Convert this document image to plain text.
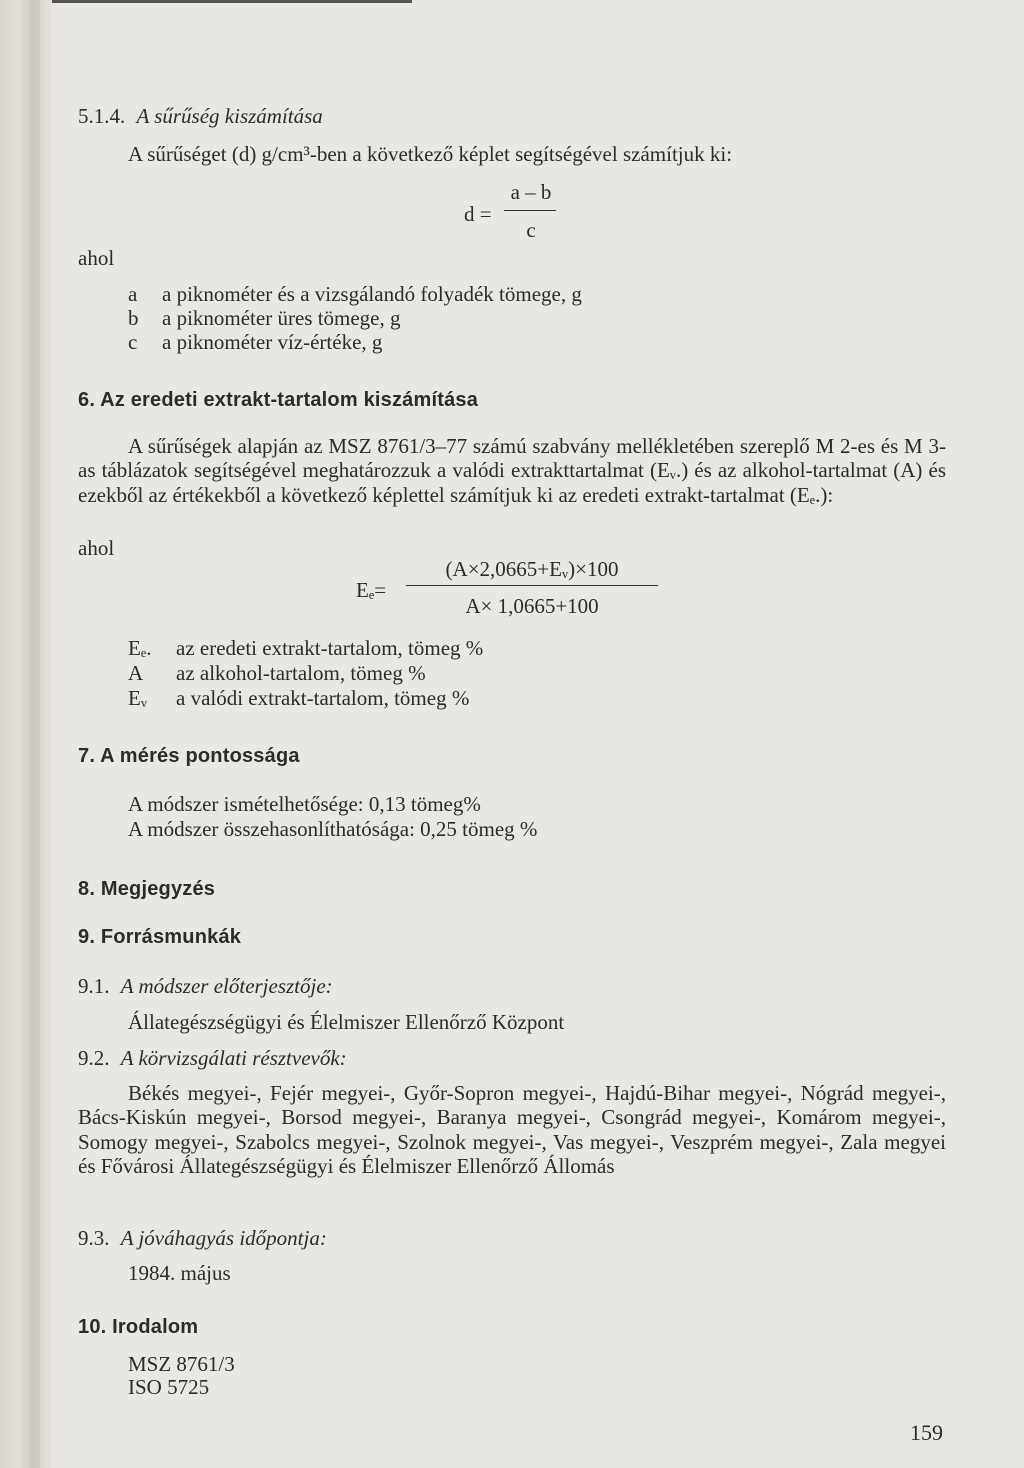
5.1.4. A sűrűség kiszámítása
A sűrűséget (d) g/cm³-ben a következő képlet segítségével számítjuk ki:
d =
a – b
c
ahol
a a piknométer és a vizsgálandó folyadék tömege, g
b a piknométer üres tömege, g
c a piknométer víz-értéke, g
6. Az eredeti extrakt-tartalom kiszámítása
A sűrűségek alapján az MSZ 8761/3–77 számú szabvány mellékletében szereplő M 2-es és M 3-as táblázatok segítségével meghatározzuk a valódi extrakttartalmat (Eᵥ.) és az alkohol-tartalmat (A) és ezekből az értékekből a következő képlettel számítjuk ki az eredeti extrakt-tartalmat (Eₑ.):
ahol
Eₑ=
(A×2,0665+Eᵥ)×100
A× 1,0665+100
Eₑ. az eredeti extrakt-tartalom, tömeg %
A az alkohol-tartalom, tömeg %
Eᵥ a valódi extrakt-tartalom, tömeg %
7. A mérés pontossága
A módszer ismételhetősége: 0,13 tömeg%
A módszer összehasonlíthatósága: 0,25 tömeg %
8. Megjegyzés
9. Forrásmunkák
9.1. A módszer előterjesztője:
Állategészségügyi és Élelmiszer Ellenőrző Központ
9.2. A körvizsgálati résztvevők:
Békés megyei-, Fejér megyei-, Győr-Sopron megyei-, Hajdú-Bihar megyei-, Nógrád megyei-, Bács-Kiskún megyei-, Borsod megyei-, Baranya megyei-, Csongrád megyei-, Komárom megyei-, Somogy megyei-, Szabolcs megyei-, Szolnok megyei-, Vas megyei-, Veszprém megyei-, Zala megyei és Fővárosi Állategészségügyi és Élelmiszer Ellenőrző Állomás
9.3. A jóváhagyás időpontja:
1984. május
10. Irodalom
MSZ 8761/3
ISO 5725
159
